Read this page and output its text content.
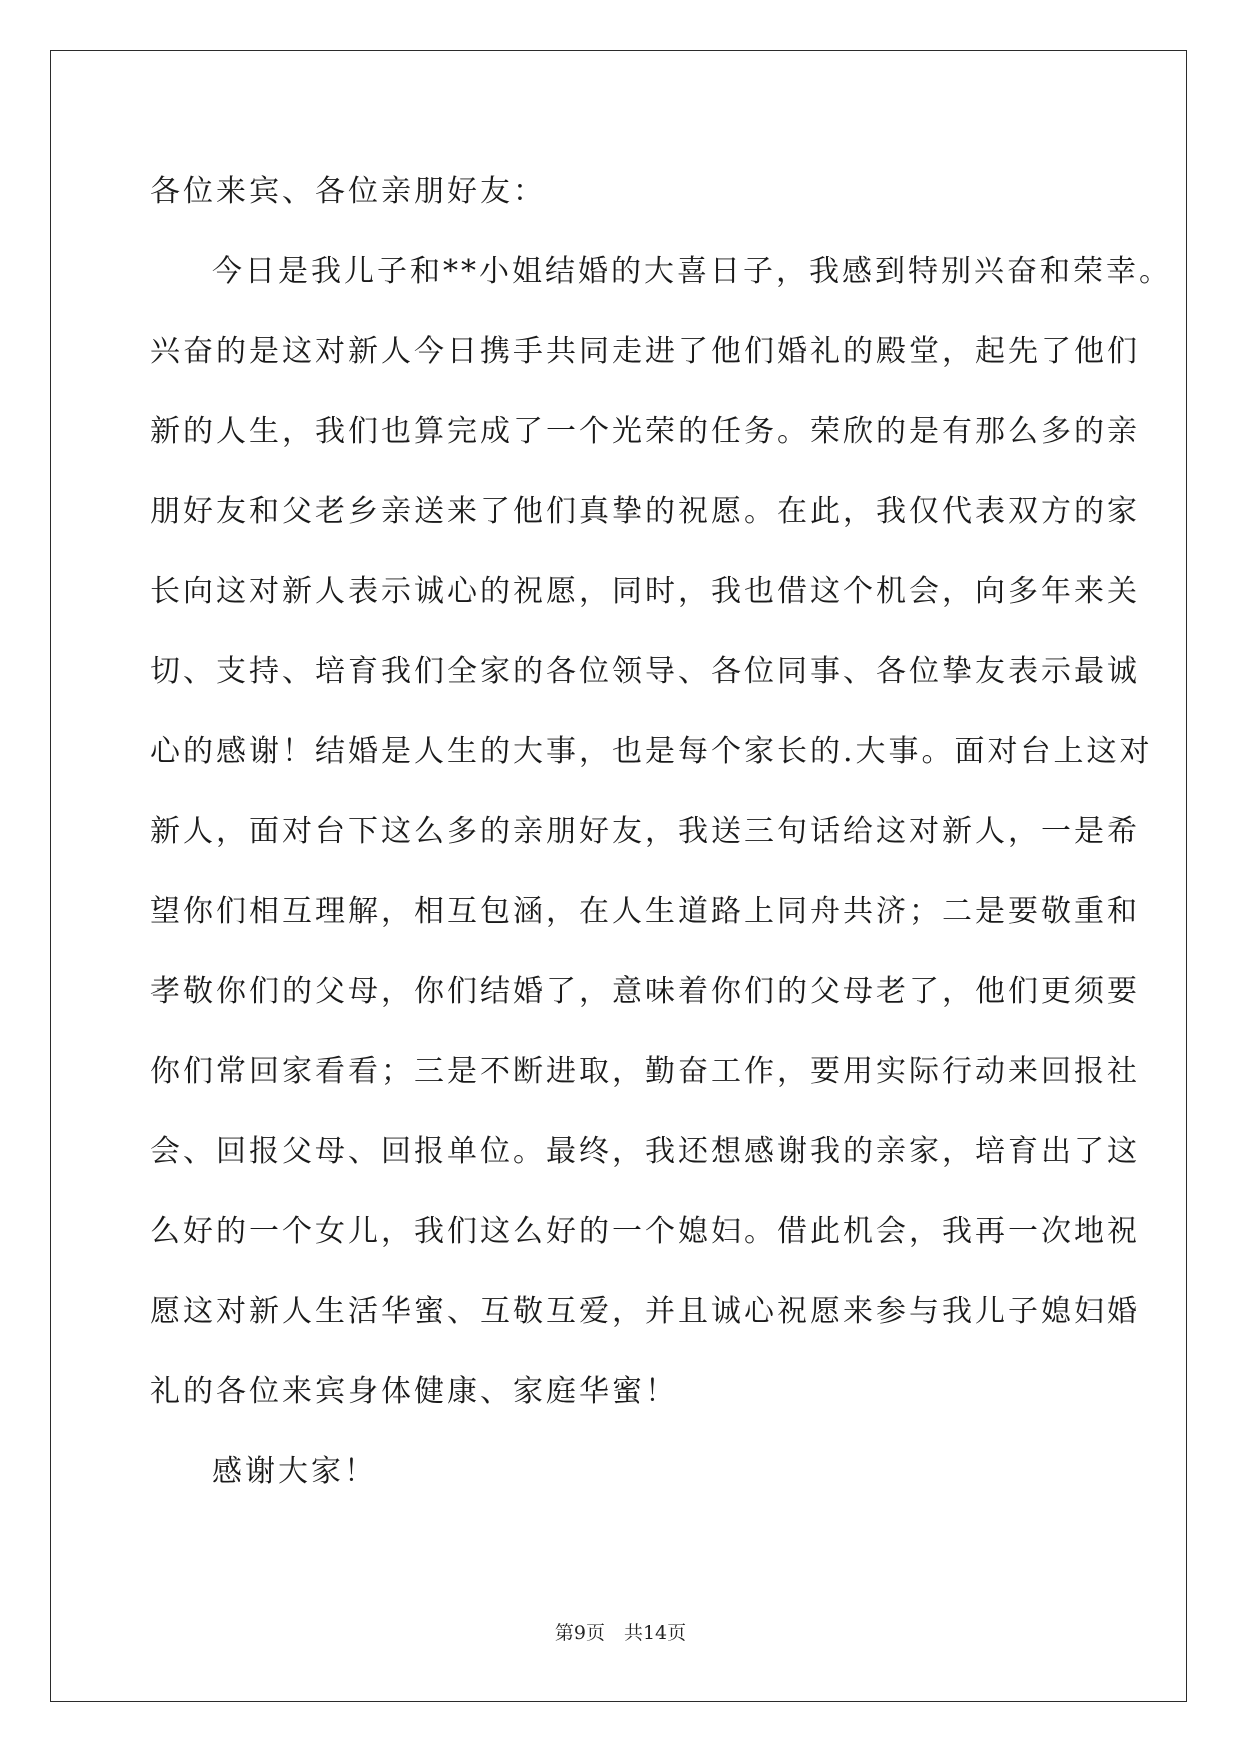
各位来宾、各位亲朋好友：
今日是我儿子和**小姐结婚的大喜日子，我感到特别兴奋和荣幸。
兴奋的是这对新人今日携手共同走进了他们婚礼的殿堂，起先了他们
新的人生，我们也算完成了一个光荣的任务。荣欣的是有那么多的亲
朋好友和父老乡亲送来了他们真挚的祝愿。在此，我仅代表双方的家
长向这对新人表示诚心的祝愿，同时，我也借这个机会，向多年来关
切、支持、培育我们全家的各位领导、各位同事、各位挚友表示最诚
心的感谢！结婚是人生的大事，也是每个家长的.大事。面对台上这对
新人，面对台下这么多的亲朋好友，我送三句话给这对新人，一是希
望你们相互理解，相互包涵，在人生道路上同舟共济；二是要敬重和
孝敬你们的父母，你们结婚了，意味着你们的父母老了，他们更须要
你们常回家看看；三是不断进取，勤奋工作，要用实际行动来回报社
会、回报父母、回报单位。最终，我还想感谢我的亲家，培育出了这
么好的一个女儿，我们这么好的一个媳妇。借此机会，我再一次地祝
愿这对新人生活华蜜、互敬互爱，并且诚心祝愿来参与我儿子媳妇婚
礼的各位来宾身体健康、家庭华蜜！
感谢大家！
第9页　共14页
